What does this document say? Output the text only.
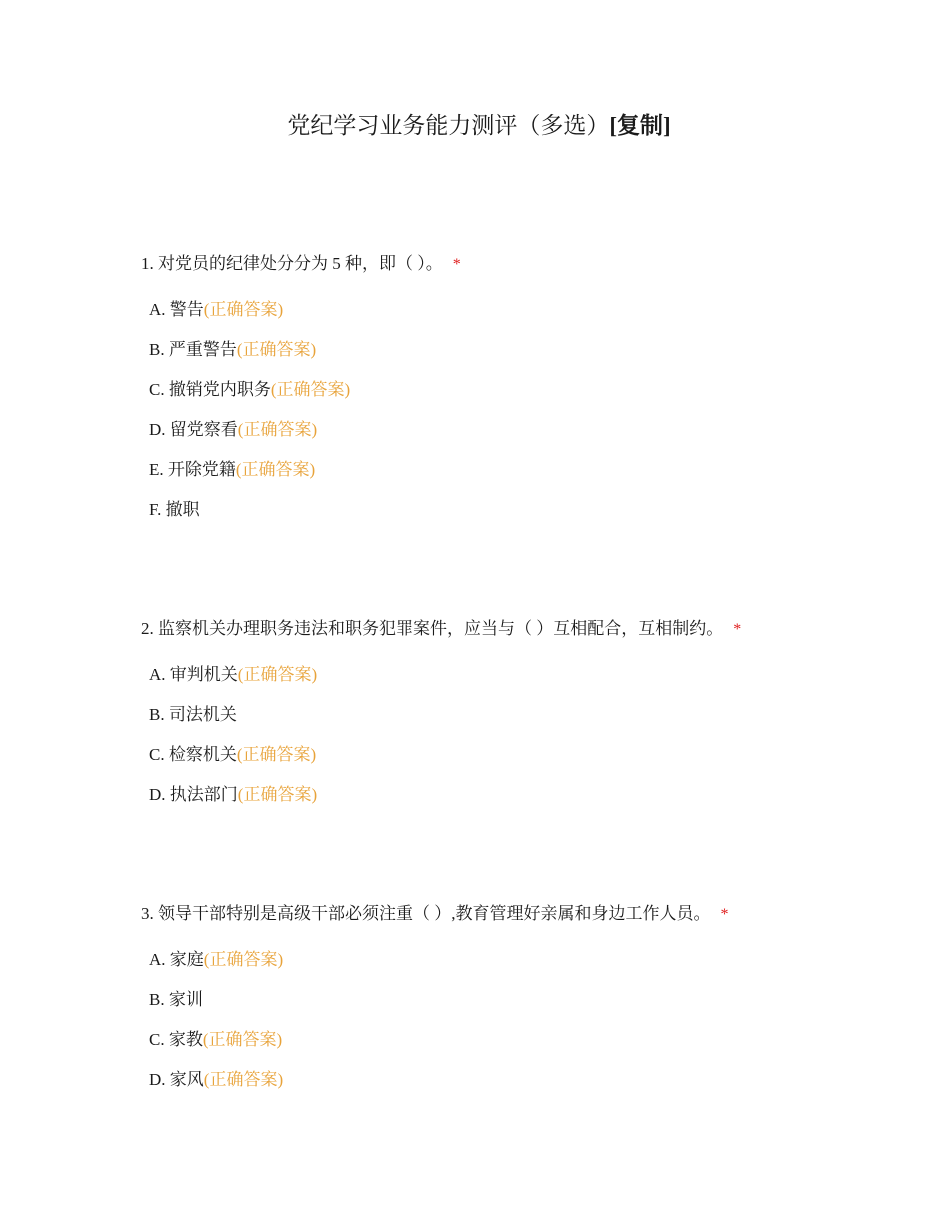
党纪学习业务能力测评（多选）[复制]
1. 对党员的纪律处分分为 5 种，即（ ）。 *
A. 警告(正确答案)
B. 严重警告(正确答案)
C. 撤销党内职务(正确答案)
D. 留党察看(正确答案)
E. 开除党籍(正确答案)
F. 撤职
2. 监察机关办理职务违法和职务犯罪案件，应当与（ ）互相配合，互相制约。 *
A. 审判机关(正确答案)
B. 司法机关
C. 检察机关(正确答案)
D. 执法部门(正确答案)
3. 领导干部特别是高级干部必须注重（ ）,教育管理好亲属和身边工作人员。 *
A. 家庭(正确答案)
B. 家训
C. 家教(正确答案)
D. 家风(正确答案)
